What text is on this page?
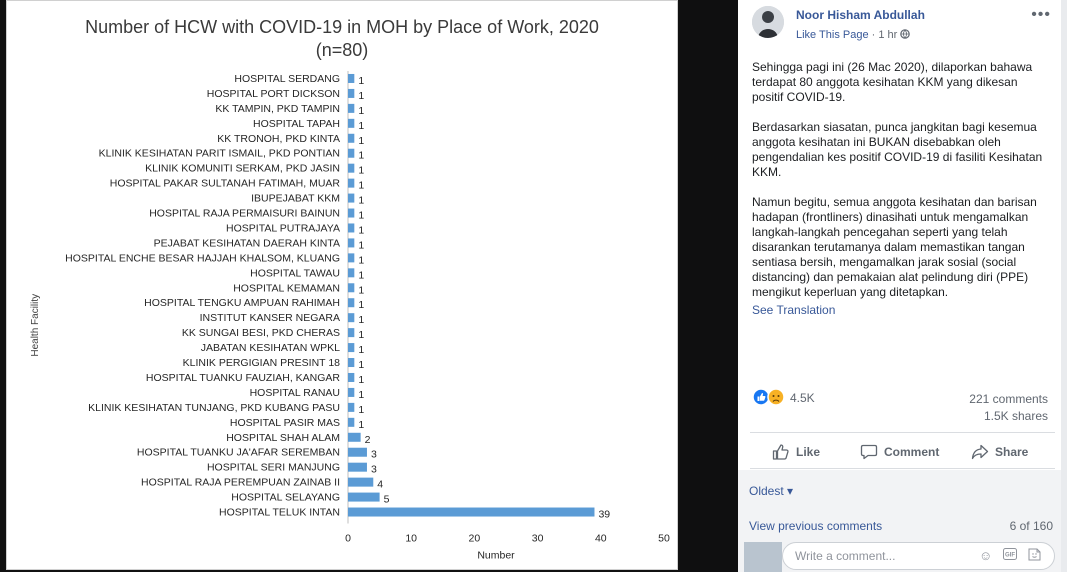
Number of HCW with COVID-19 in MOH by Place of Work, 2020
(n=80)
HOSPITAL SERDANG 1
HOSPITAL PORT DICKSON 1
KK TAMPIN, PKD TAMPIN 1
HOSPITAL TAPAH 1
KK TRONOH, PKD KINTA 1
KLINIK KESIHATAN PARIT ISMAIL, PKD PONTIAN 1
KLINIK KOMUNITI SERKAM, PKD JASIN 1
HOSPITAL PAKAR SULTANAH FATIMAH, MUAR 1
IBUPEJABAT KKM 1
HOSPITAL RAJA PERMAISURI BAINUN 1
HOSPITAL PUTRAJAYA 1
PEJABAT KESIHATAN DAERAH KINTA 1
HOSPITAL ENCHE BESAR HAJJAH KHALSOM, KLUANG 1
HOSPITAL TAWAU 1
HOSPITAL KEMAMAN 1
HOSPITAL TENGKU AMPUAN RAHIMAH 1
INSTITUT KANSER NEGARA 1
KK SUNGAI BESI, PKD CHERAS 1
JABATAN KESIHATAN WPKL 1
KLINIK PERGIGIAN PRESINT 18 1
HOSPITAL TUANKU FAUZIAH, KANGAR 1
HOSPITAL RANAU 1
KLINIK KESIHATAN TUNJANG, PKD KUBANG PASU 1
HOSPITAL PASIR MAS 1
HOSPITAL SHAH ALAM 2
HOSPITAL TUANKU JA'AFAR SEREMBAN	3
HOSPITAL SERI MANJUNG	3
HOSPITAL RAJA PEREMPUAN ZAINAB II	4
HOSPITAL SELAYANG	5
HOSPITAL TELUK INTAN	39
0	10	20	30	40	50
Number
Health Facility
Noor Hisham Abdullah
Like This Page · 1 hr
•••

Sehingga pagi ini (26 Mac 2020), dilaporkan bahawa terdapat 80 anggota kesihatan KKM yang dikesan positif COVID-19.

Berdasarkan siasatan, punca jangkitan bagi kesemua anggota kesihatan ini BUKAN disebabkan oleh pengendalian kes positif COVID-19 di fasiliti Kesihatan KKM.

Namun begitu, semua anggota kesihatan dan barisan hadapan (frontliners) dinasihati untuk mengamalkan langkah-langkah pencegahan seperti yang telah disarankan terutamanya dalam memastikan tangan sentiasa bersih, mengamalkan jarak sosial (social distancing) dan pemakaian alat pelindung diri (PPE) mengikut keperluan yang ditetapkan.

See Translation
4.5K	221 comments
1.5K shares
Like	Comment	Share
Oldest ▾
View previous comments	6 of 160
Write a comment...	☺ GIF
